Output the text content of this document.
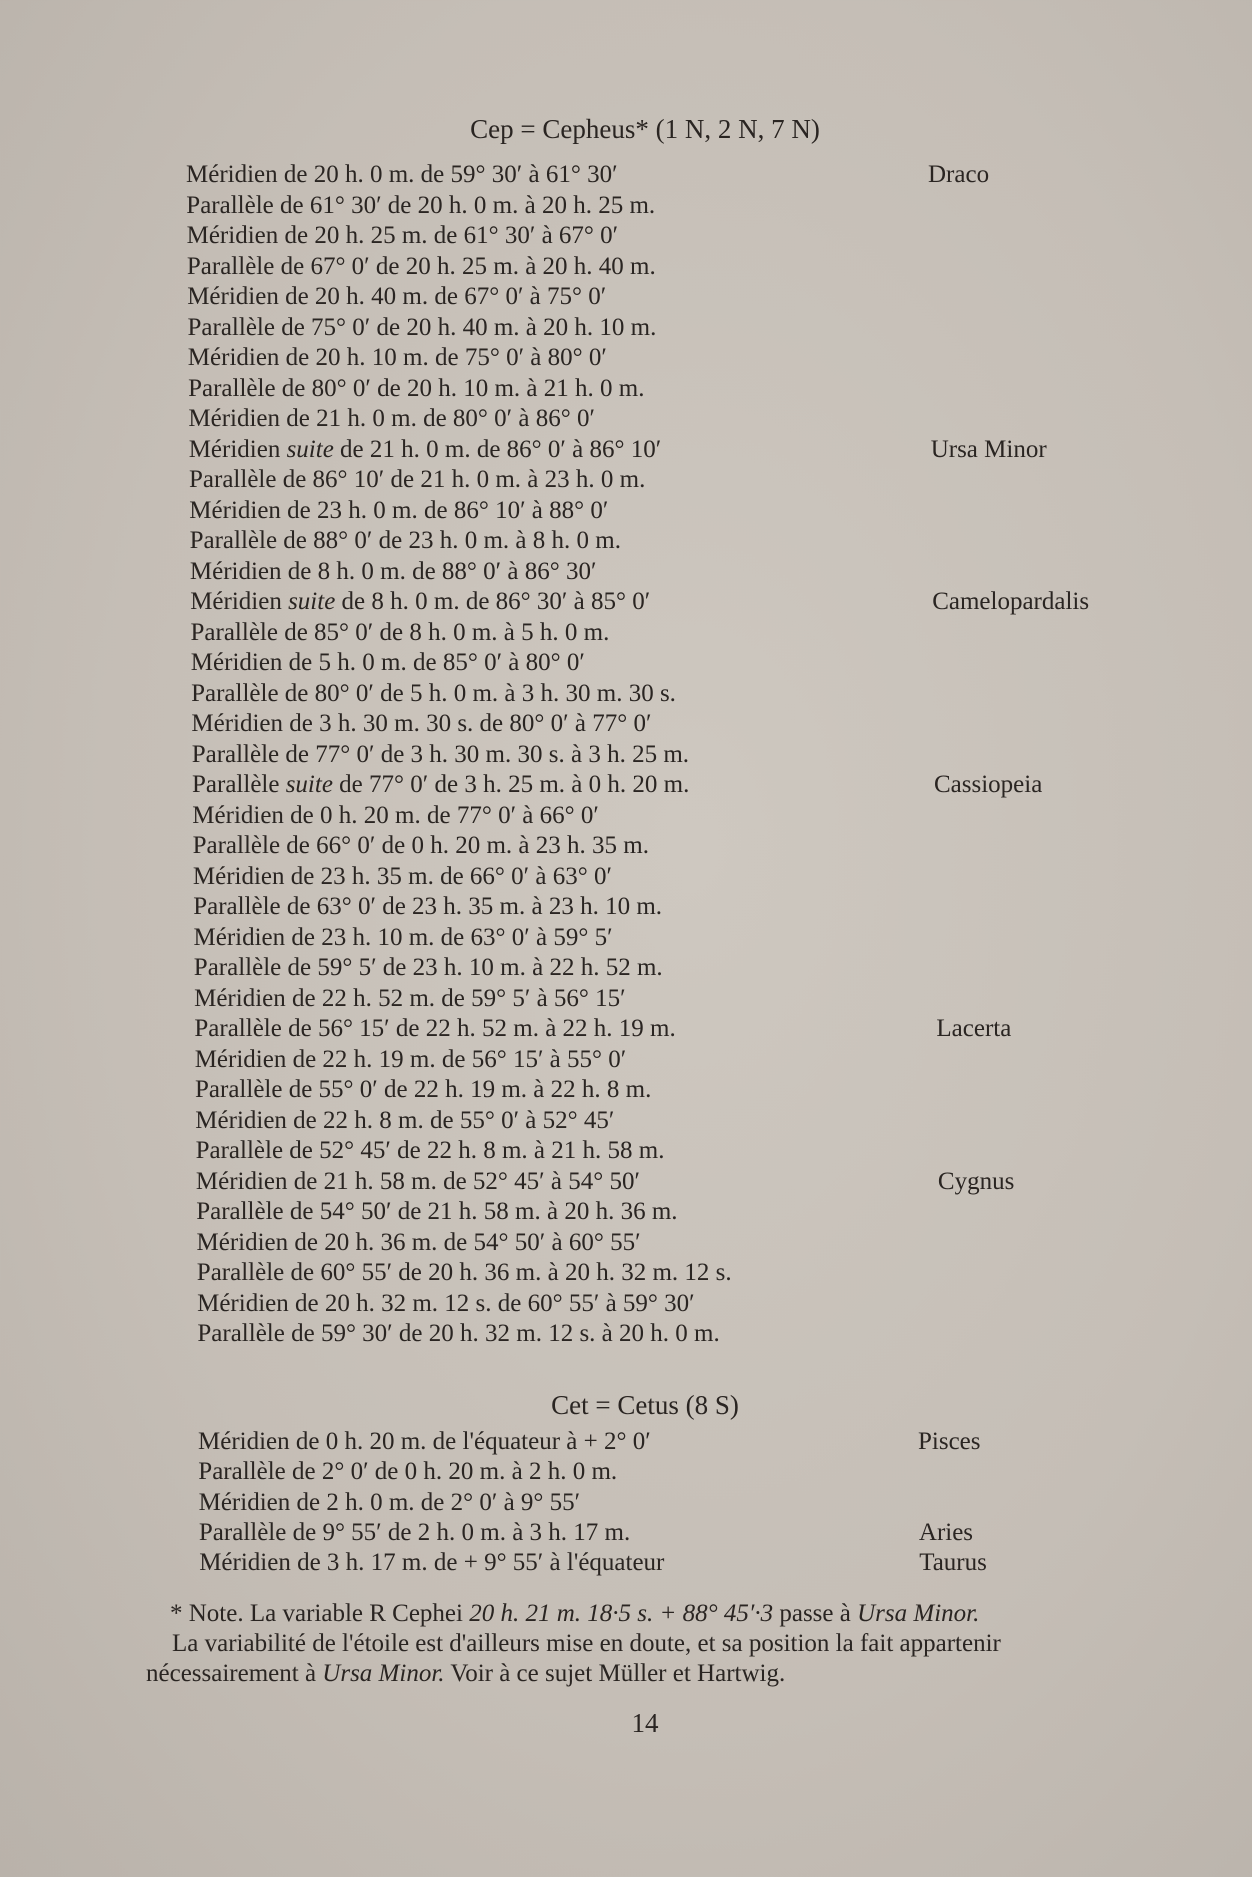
Cep = Cepheus* (1 N, 2 N, 7 N)
Méridien de 20 h. 0 m. de 59° 30′ à 61° 30′	Draco
Parallèle de 61° 30′ de 20 h. 0 m. à 20 h. 25 m.
Méridien de 20 h. 25 m. de 61° 30′ à 67° 0′
Parallèle de 67° 0′ de 20 h. 25 m. à 20 h. 40 m.
Méridien de 20 h. 40 m. de 67° 0′ à 75° 0′
Parallèle de 75° 0′ de 20 h. 40 m. à 20 h. 10 m.
Méridien de 20 h. 10 m. de 75° 0′ à 80° 0′
Parallèle de 80° 0′ de 20 h. 10 m. à 21 h. 0 m.
Méridien de 21 h. 0 m. de 80° 0′ à 86° 0′
Méridien suite de 21 h. 0 m. de 86° 0′ à 86° 10′	Ursa Minor
Parallèle de 86° 10′ de 21 h. 0 m. à 23 h. 0 m.
Méridien de 23 h. 0 m. de 86° 10′ à 88° 0′
Parallèle de 88° 0′ de 23 h. 0 m. à 8 h. 0 m.
Méridien de 8 h. 0 m. de 88° 0′ à 86° 30′
Méridien suite de 8 h. 0 m. de 86° 30′ à 85° 0′	Camelopardalis
Parallèle de 85° 0′ de 8 h. 0 m. à 5 h. 0 m.
Méridien de 5 h. 0 m. de 85° 0′ à 80° 0′
Parallèle de 80° 0′ de 5 h. 0 m. à 3 h. 30 m. 30 s.
Méridien de 3 h. 30 m. 30 s. de 80° 0′ à 77° 0′
Parallèle de 77° 0′ de 3 h. 30 m. 30 s. à 3 h. 25 m.
Parallèle suite de 77° 0′ de 3 h. 25 m. à 0 h. 20 m.	Cassiopeia
Méridien de 0 h. 20 m. de 77° 0′ à 66° 0′
Parallèle de 66° 0′ de 0 h. 20 m. à 23 h. 35 m.
Méridien de 23 h. 35 m. de 66° 0′ à 63° 0′
Parallèle de 63° 0′ de 23 h. 35 m. à 23 h. 10 m.
Méridien de 23 h. 10 m. de 63° 0′ à 59° 5′
Parallèle de 59° 5′ de 23 h. 10 m. à 22 h. 52 m.
Méridien de 22 h. 52 m. de 59° 5′ à 56° 15′
Parallèle de 56° 15′ de 22 h. 52 m. à 22 h. 19 m.	Lacerta
Méridien de 22 h. 19 m. de 56° 15′ à 55° 0′
Parallèle de 55° 0′ de 22 h. 19 m. à 22 h. 8 m.
Méridien de 22 h. 8 m. de 55° 0′ à 52° 45′
Parallèle de 52° 45′ de 22 h. 8 m. à 21 h. 58 m.
Méridien de 21 h. 58 m. de 52° 45′ à 54° 50′	Cygnus
Parallèle de 54° 50′ de 21 h. 58 m. à 20 h. 36 m.
Méridien de 20 h. 36 m. de 54° 50′ à 60° 55′
Parallèle de 60° 55′ de 20 h. 36 m. à 20 h. 32 m. 12 s.
Méridien de 20 h. 32 m. 12 s. de 60° 55′ à 59° 30′
Parallèle de 59° 30′ de 20 h. 32 m. 12 s. à 20 h. 0 m.
Cet = Cetus (8 S)
Méridien de 0 h. 20 m. de l'équateur à + 2° 0′	Pisces
Parallèle de 2° 0′ de 0 h. 20 m. à 2 h. 0 m.
Méridien de 2 h. 0 m. de 2° 0′ à 9° 55′
Parallèle de 9° 55′ de 2 h. 0 m. à 3 h. 17 m.	Aries
Méridien de 3 h. 17 m. de + 9° 55′ à l'équateur	Taurus
* Note. La variable R Cephei 20 h. 21 m. 18·5 s. + 88° 45′·3 passe à Ursa Minor.
La variabilité de l'étoile est d'ailleurs mise en doute, et sa position la fait appartenir
nécessairement à Ursa Minor. Voir à ce sujet Müller et Hartwig.
14
